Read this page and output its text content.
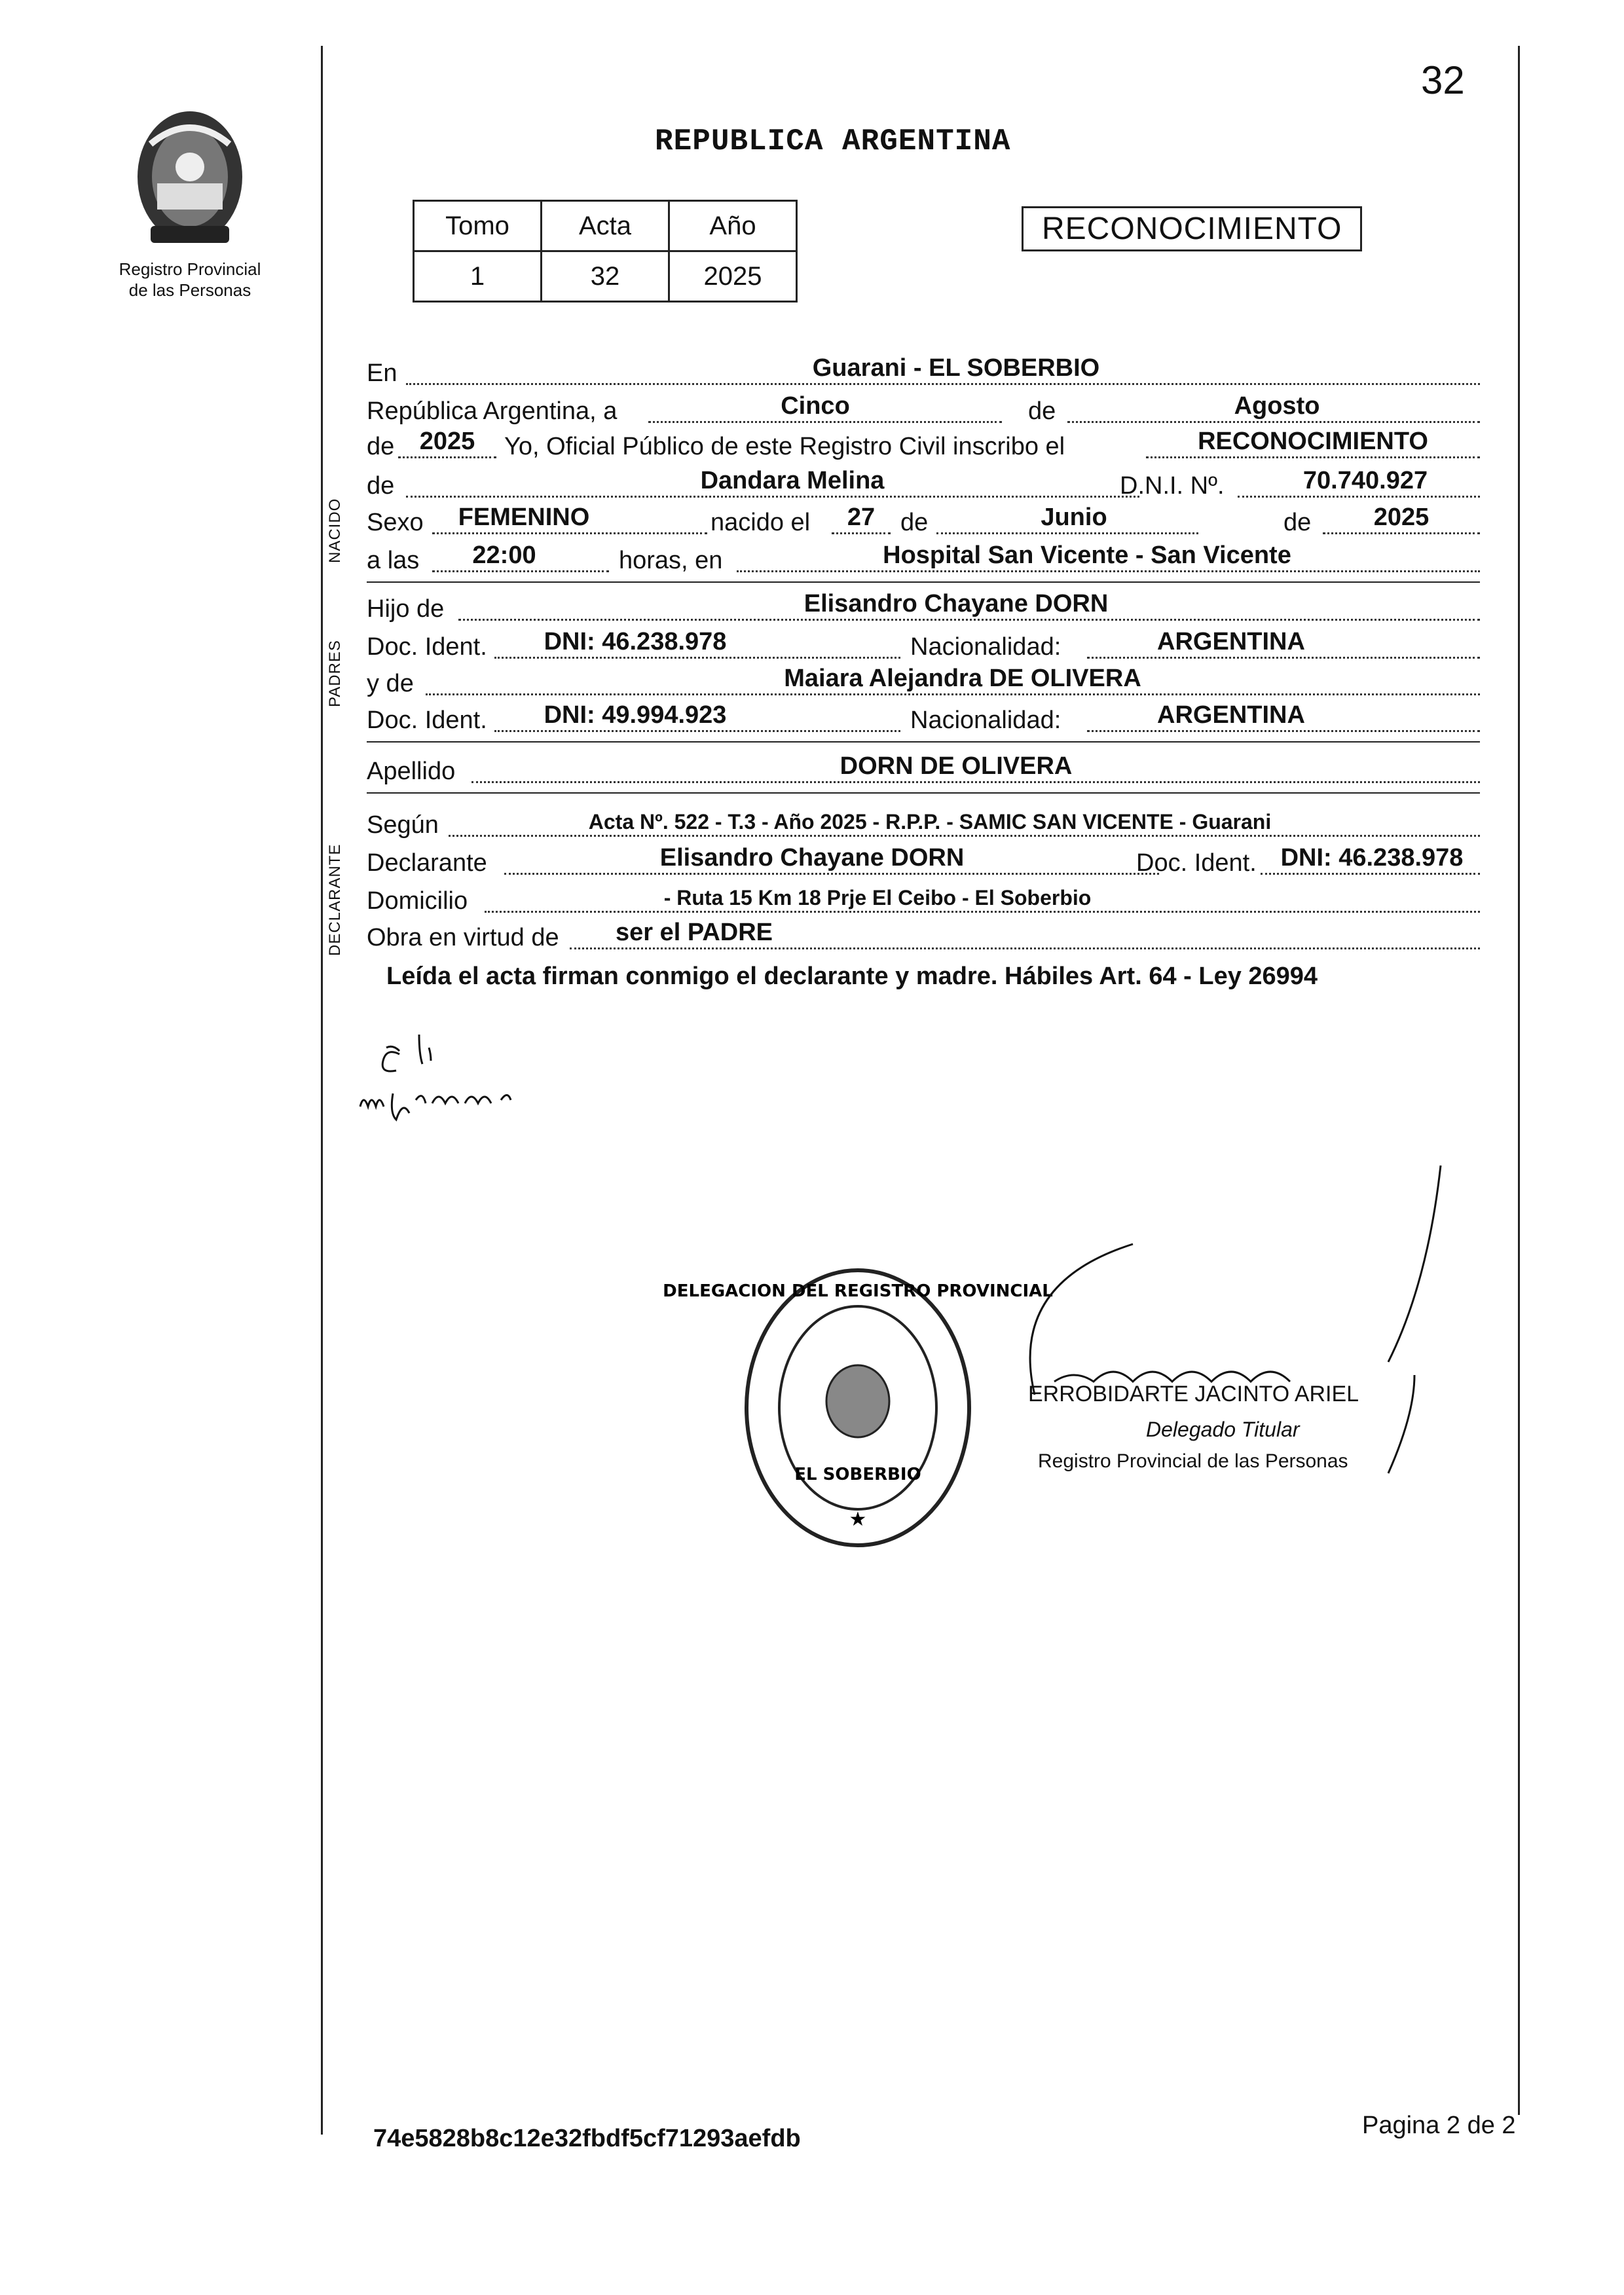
Registro Provincial
de las Personas
REPUBLICA ARGENTINA
32
Tomo	Acta	Año
1	32	2025
RECONOCIMIENTO
NACIDO
PADRES
DECLARANTE
En	Guarani - EL SOBERBIO
República Argentina, a	Cinco	de	Agosto
de	2025	Yo, Oficial Público de este Registro Civil inscribo el	RECONOCIMIENTO
de	Dandara Melina	D.N.I. Nº.	70.740.927
Sexo	FEMENINO	nacido el	27	de	Junio	de	2025
a las	22:00	horas, en	Hospital San Vicente - San Vicente
Hijo de	Elisandro Chayane DORN
Doc. Ident.	DNI: 46.238.978	Nacionalidad:	ARGENTINA
y de	Maiara Alejandra DE OLIVERA
Doc. Ident.	DNI: 49.994.923	Nacionalidad:	ARGENTINA
Apellido	DORN DE OLIVERA
Según	Acta Nº. 522 - T.3 - Año 2025 - R.P.P. - SAMIC SAN VICENTE - Guarani
Declarante	Elisandro Chayane DORN	Doc. Ident. DNI: 46.238.978
Domicilio	- Ruta 15 Km 18 Prje El Ceibo - El Soberbio
Obra en virtud de	ser el PADRE
Leída el acta firman conmigo el declarante y madre. Hábiles Art. 64 - Ley 26994
DELEGACION DEL REGISTRO PROVINCIAL
EL SOBERBIO
★
ERROBIDARTE JACINTO ARIEL
Delegado Titular
Registro Provincial de las Personas
74e5828b8c12e32fbdf5cf71293aefdb	Pagina 2 de 2
